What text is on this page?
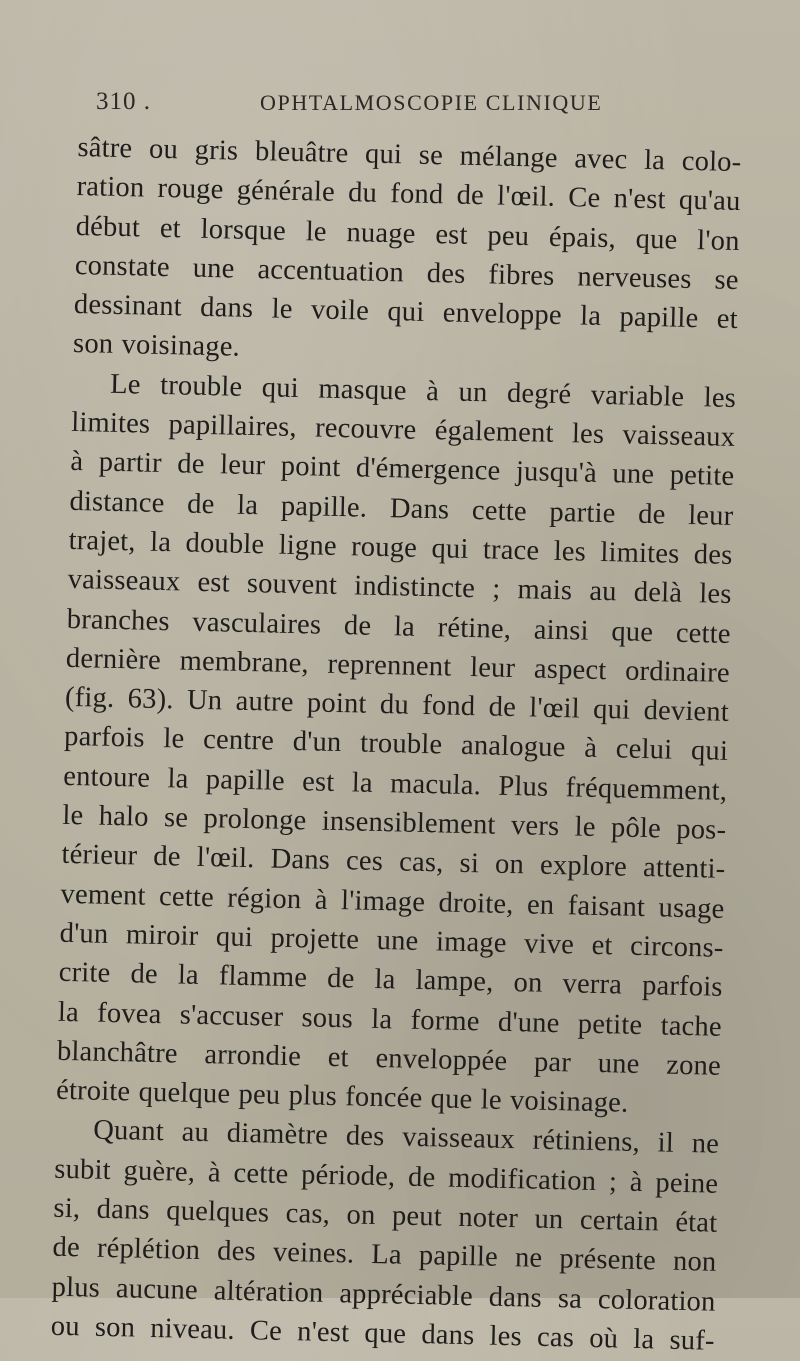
310 .	OPHTALMOSCOPIE CLINIQUE
sâtre ou gris bleuâtre qui se mélange avec la colo-
ration rouge générale du fond de l'œil. Ce n'est qu'au
début et lorsque le nuage est peu épais, que l'on
constate une accentuation des fibres nerveuses se
dessinant dans le voile qui enveloppe la papille et
son voisinage.
Le trouble qui masque à un degré variable les
limites papillaires, recouvre également les vaisseaux
à partir de leur point d'émergence jusqu'à une petite
distance de la papille. Dans cette partie de leur
trajet, la double ligne rouge qui trace les limites des
vaisseaux est souvent indistincte ; mais au delà les
branches vasculaires de la rétine, ainsi que cette
dernière membrane, reprennent leur aspect ordinaire
(fig. 63). Un autre point du fond de l'œil qui devient
parfois le centre d'un trouble analogue à celui qui
entoure la papille est la macula. Plus fréquemment,
le halo se prolonge insensiblement vers le pôle pos-
térieur de l'œil. Dans ces cas, si on explore attenti-
vement cette région à l'image droite, en faisant usage
d'un miroir qui projette une image vive et circons-
crite de la flamme de la lampe, on verra parfois
la fovea s'accuser sous la forme d'une petite tache
blanchâtre arrondie et enveloppée par une zone
étroite quelque peu plus foncée que le voisinage.
Quant au diamètre des vaisseaux rétiniens, il ne
subit guère, à cette période, de modification ; à peine
si, dans quelques cas, on peut noter un certain état
de réplétion des veines. La papille ne présente non
plus aucune altération appréciable dans sa coloration
ou son niveau. Ce n'est que dans les cas où la suf-
